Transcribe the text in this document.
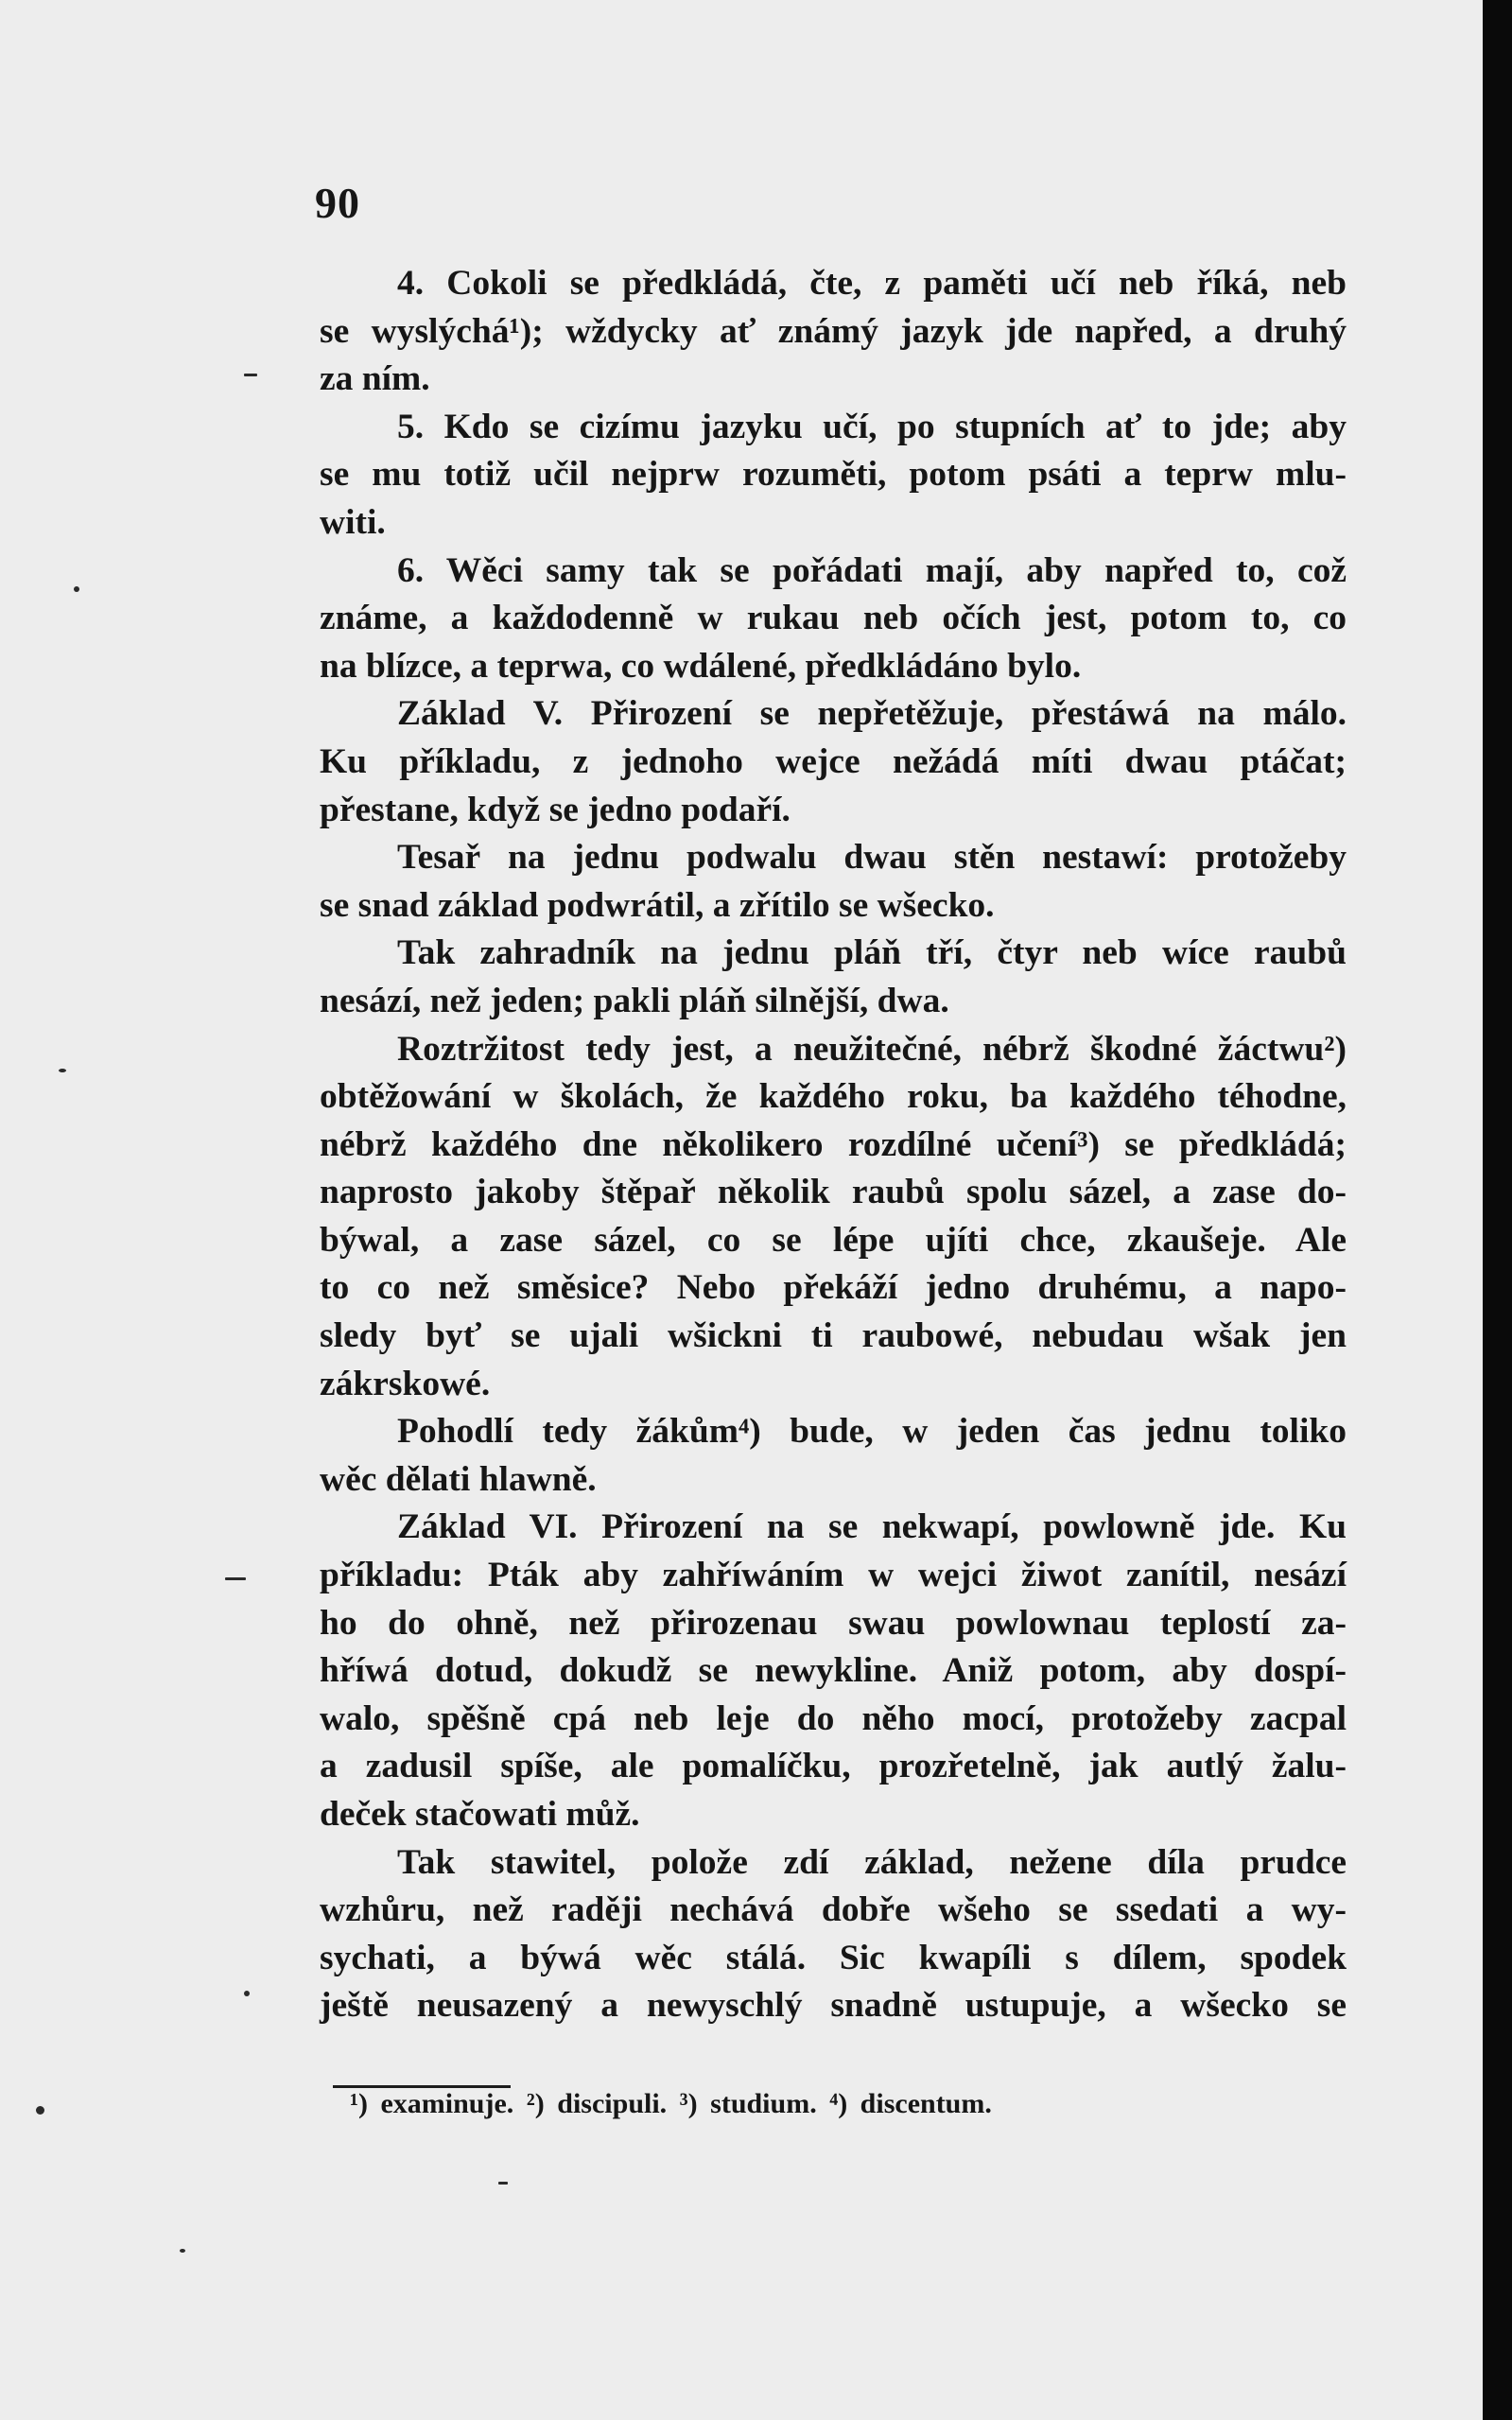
90
4. Cokoli se předkládá, čte, z paměti učí neb říká, neb
se wyslýchá¹); wždycky ať známý jazyk jde napřed, a druhý
za ním.
5. Kdo se cizímu jazyku učí, po stupních ať to jde; aby
se mu totiž učil nejprw rozuměti, potom psáti a teprw mlu-
witi.
6. Wěci samy tak se pořádati mají, aby napřed to, což
známe, a každodenně w rukau neb očích jest, potom to, co
na blízce, a teprwa, co wdálené, předkládáno bylo.
Základ V. Přirození se nepřetěžuje, přestáwá na málo.
Ku příkladu, z jednoho wejce nežádá míti dwau ptáčat;
přestane, když se jedno podaří.
Tesař na jednu podwalu dwau stěn nestawí: protožeby
se snad základ podwrátil, a zřítilo se wšecko.
Tak zahradník na jednu pláň tří, čtyr neb wíce raubů
nesází, než jeden; pakli pláň silnější, dwa.
Roztržitost tedy jest, a neužitečné, nébrž škodné žáctwu²)
obtěžowání w školách, že každého roku, ba každého téhodne,
nébrž každého dne několikero rozdílné učení³) se předkládá;
naprosto jakoby štěpař několik raubů spolu sázel, a zase do-
býwal, a zase sázel, co se lépe ujíti chce, zkaušeje. Ale
to co než směsice? Nebo překáží jedno druhému, a napo-
sledy byť se ujali wšickni ti raubowé, nebudau wšak jen
zákrskowé.
Pohodlí tedy žákům⁴) bude, w jeden čas jednu toliko
wěc dělati hlawně.
Základ VI. Přirození na se nekwapí, powlowně jde. Ku
příkladu: Pták aby zahříwáním w wejci žiwot zanítil, nesází
ho do ohně, než přirozenau swau powlownau teplostí za-
hříwá dotud, dokudž se newykline. Aniž potom, aby dospí-
walo, spěšně cpá neb leje do něho mocí, protožeby zacpal
a zadusil spíše, ale pomalíčku, prozřetelně, jak autlý žalu-
deček stačowati můž.
Tak stawitel, polože zdí základ, nežene díla prudce
wzhůru, než raději nechává dobře wšeho se ssedati a wy-
sychati, a býwá wěc stálá. Sic kwapíli s dílem, spodek
ještě neusazený a newyschlý snadně ustupuje, a wšecko se
¹) examinuje. ²) discipuli. ³) studium. ⁴) discentum.
